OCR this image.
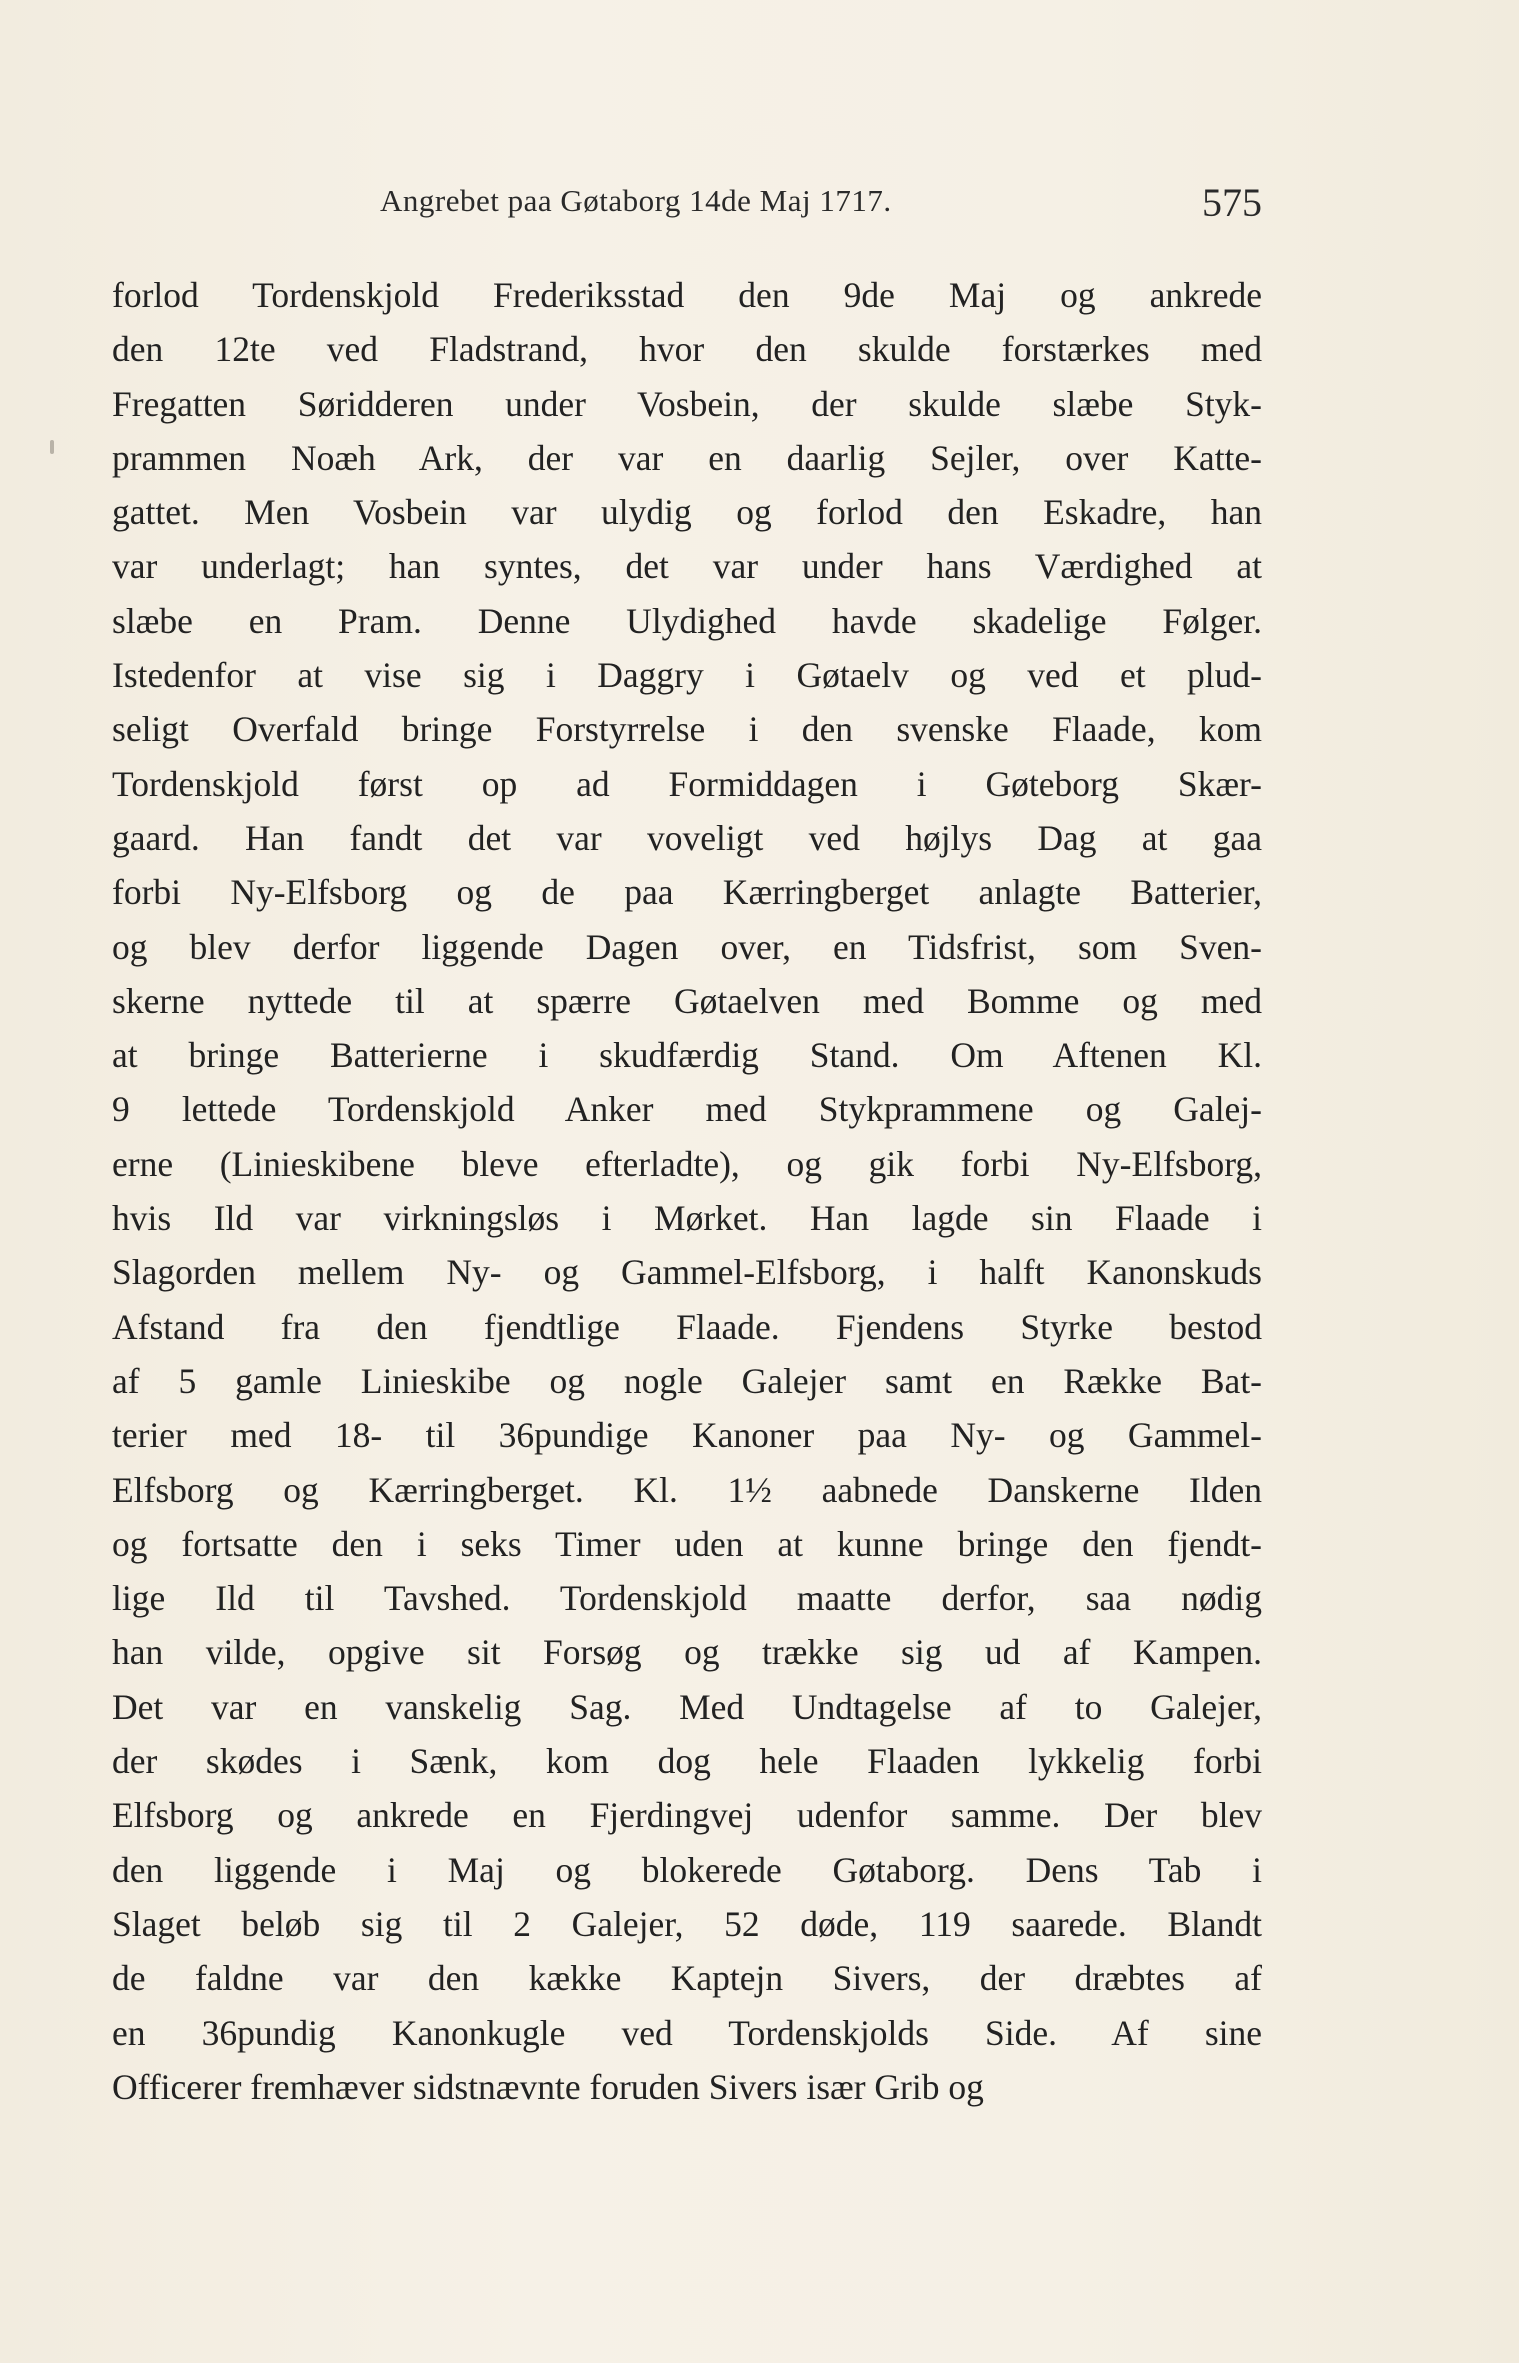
Angrebet paa Gøtaborg 14de Maj 1717.	575
forlod Tordenskjold Frederiksstad den 9de Maj og ankrede
den 12te ved Fladstrand, hvor den skulde forstærkes med
Fregatten Søridderen under Vosbein, der skulde slæbe Styk-
prammen Noæh Ark, der var en daarlig Sejler, over Katte-
gattet. Men Vosbein var ulydig og forlod den Eskadre, han
var underlagt; han syntes, det var under hans Værdighed at
slæbe en Pram. Denne Ulydighed havde skadelige Følger.
Istedenfor at vise sig i Daggry i Gøtaelv og ved et plud-
seligt Overfald bringe Forstyrrelse i den svenske Flaade, kom
Tordenskjold først op ad Formiddagen i Gøteborg Skær-
gaard. Han fandt det var voveligt ved højlys Dag at gaa
forbi Ny-Elfsborg og de paa Kærringberget anlagte Batterier,
og blev derfor liggende Dagen over, en Tidsfrist, som Sven-
skerne nyttede til at spærre Gøtaelven med Bomme og med
at bringe Batterierne i skudfærdig Stand. Om Aftenen Kl.
9 lettede Tordenskjold Anker med Stykprammene og Galej-
erne (Linieskibene bleve efterladte), og gik forbi Ny-Elfsborg,
hvis Ild var virkningsløs i Mørket. Han lagde sin Flaade i
Slagorden mellem Ny- og Gammel-Elfsborg, i halft Kanonskuds
Afstand fra den fjendtlige Flaade. Fjendens Styrke bestod
af 5 gamle Linieskibe og nogle Galejer samt en Række Bat-
terier med 18- til 36pundige Kanoner paa Ny- og Gammel-
Elfsborg og Kærringberget. Kl. 1½ aabnede Danskerne Ilden
og fortsatte den i seks Timer uden at kunne bringe den fjendt-
lige Ild til Tavshed. Tordenskjold maatte derfor, saa nødig
han vilde, opgive sit Forsøg og trække sig ud af Kampen.
Det var en vanskelig Sag. Med Undtagelse af to Galejer,
der skødes i Sænk, kom dog hele Flaaden lykkelig forbi
Elfsborg og ankrede en Fjerdingvej udenfor samme. Der blev
den liggende i Maj og blokerede Gøtaborg. Dens Tab i
Slaget beløb sig til 2 Galejer, 52 døde, 119 saarede. Blandt
de faldne var den kække Kaptejn Sivers, der dræbtes af
en 36pundig Kanonkugle ved Tordenskjolds Side. Af sine
Officerer fremhæver sidstnævnte foruden Sivers især Grib og
